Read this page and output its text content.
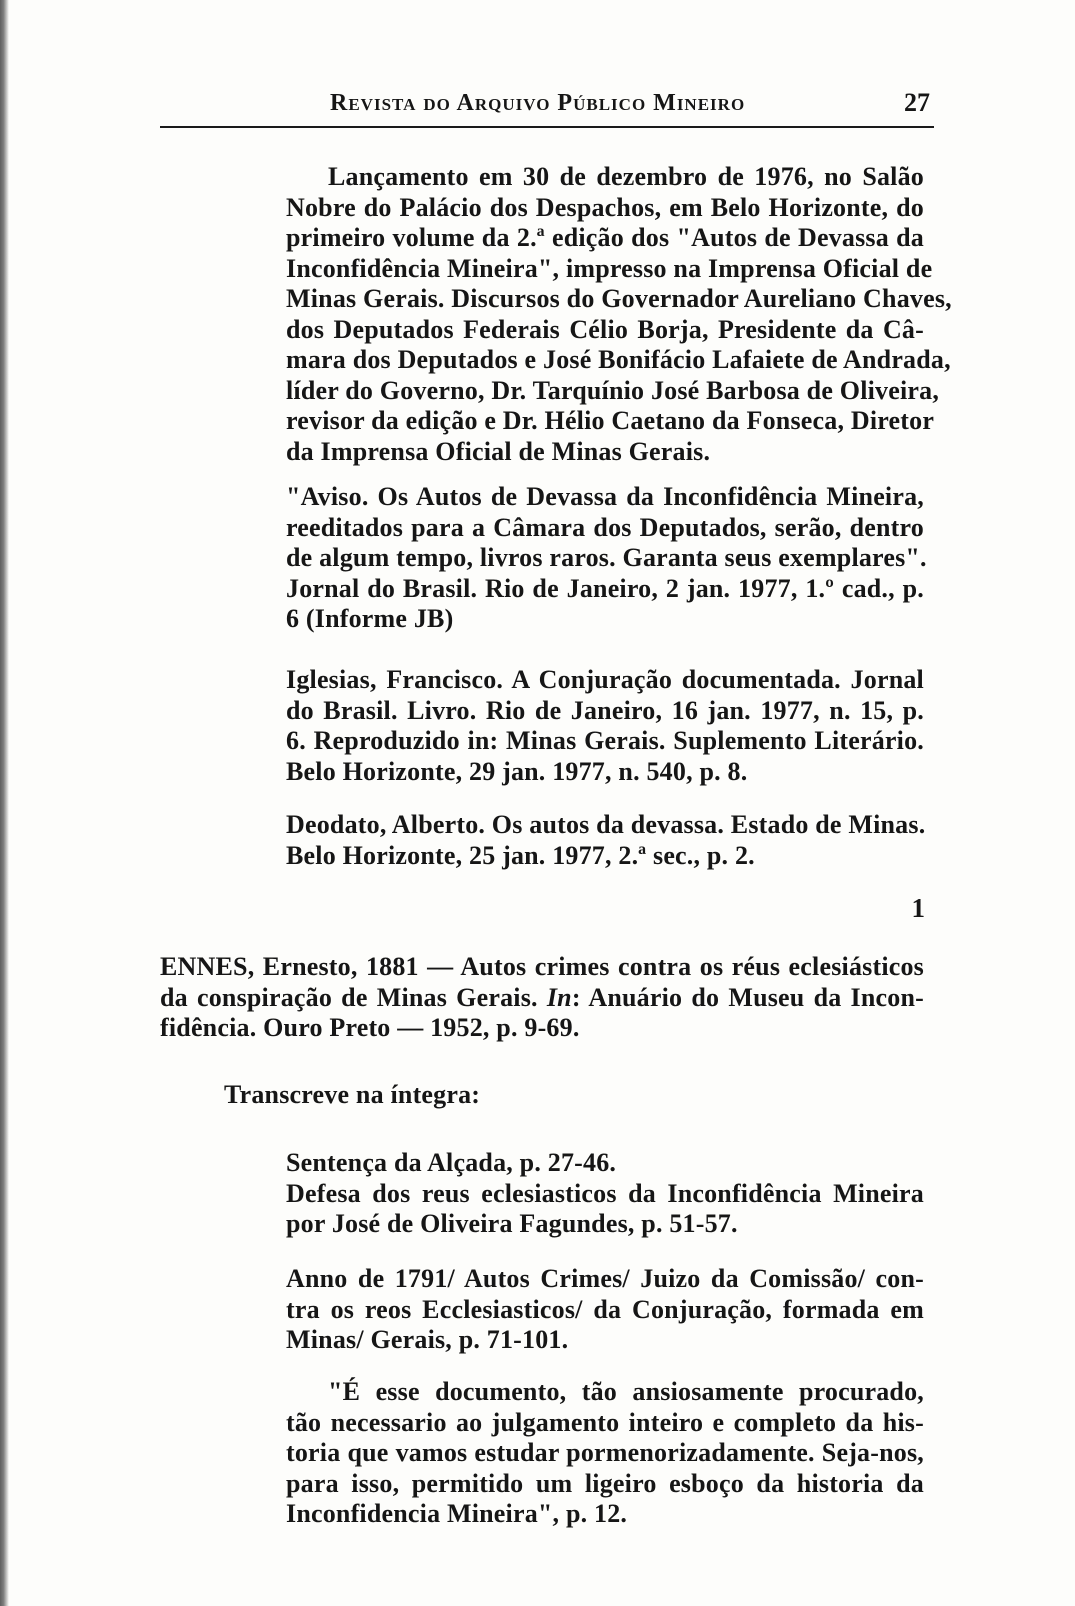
Revista do Arquivo Público Mineiro	27
Lançamento em 30 de dezembro de 1976, no Salão
Nobre do Palácio dos Despachos, em Belo Horizonte, do
primeiro volume da 2.ª edição dos "Autos de Devassa da
Inconfidência Mineira", impresso na Imprensa Oficial de
Minas Gerais. Discursos do Governador Aureliano Chaves,
dos Deputados Federais Célio Borja, Presidente da Câ-
mara dos Deputados e José Bonifácio Lafaiete de Andrada,
líder do Governo, Dr. Tarquínio José Barbosa de Oliveira,
revisor da edição e Dr. Hélio Caetano da Fonseca, Diretor
da Imprensa Oficial de Minas Gerais.
"Aviso. Os Autos de Devassa da Inconfidência Mineira,
reeditados para a Câmara dos Deputados, serão, dentro
de algum tempo, livros raros. Garanta seus exemplares".
Jornal do Brasil. Rio de Janeiro, 2 jan. 1977, 1.º cad., p.
6 (Informe JB)
Iglesias, Francisco. A Conjuração documentada. Jornal
do Brasil. Livro. Rio de Janeiro, 16 jan. 1977, n. 15, p.
6. Reproduzido in: Minas Gerais. Suplemento Literário.
Belo Horizonte, 29 jan. 1977, n. 540, p. 8.
Deodato, Alberto. Os autos da devassa. Estado de Minas.
Belo Horizonte, 25 jan. 1977, 2.ª sec., p. 2.
1
ENNES, Ernesto, 1881 — Autos crimes contra os réus eclesiásticos
da conspiração de Minas Gerais. In: Anuário do Museu da Incon-
fidência. Ouro Preto — 1952, p. 9-69.
Transcreve na íntegra:
Sentença da Alçada, p. 27-46.
Defesa dos reus eclesiasticos da Inconfidência Mineira
por José de Oliveira Fagundes, p. 51-57.
Anno de 1791/ Autos Crimes/ Juizo da Comissão/ con-
tra os reos Ecclesiasticos/ da Conjuração, formada em
Minas/ Gerais, p. 71-101.
"É esse documento, tão ansiosamente procurado,
tão necessario ao julgamento inteiro e completo da his-
toria que vamos estudar pormenorizadamente. Seja-nos,
para isso, permitido um ligeiro esboço da historia da
Inconfidencia Mineira", p. 12.
